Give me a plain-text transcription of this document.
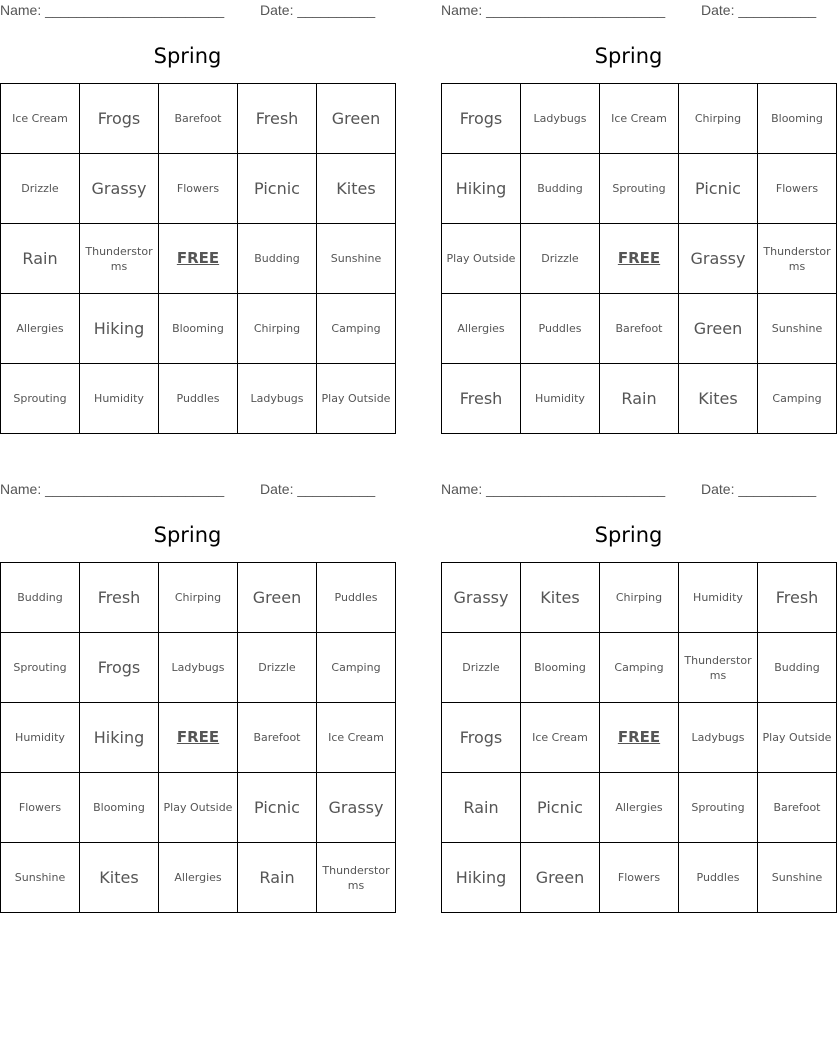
Name: _______________________	Date: __________
Spring
Ice Cream	Frogs	Barefoot	Fresh	Green
Drizzle	Grassy	Flowers	Picnic	Kites
Rain	Thunderstorms	FREE	Budding	Sunshine
Allergies	Hiking	Blooming	Chirping	Camping
Sprouting	Humidity	Puddles	Ladybugs	Play Outside
Name: _______________________	Date: __________
Spring
Frogs	Ladybugs	Ice Cream	Chirping	Blooming
Hiking	Budding	Sprouting	Picnic	Flowers
Play Outside	Drizzle	FREE	Grassy	Thunderstorms
Allergies	Puddles	Barefoot	Green	Sunshine
Fresh	Humidity	Rain	Kites	Camping
Name: _______________________	Date: __________
Spring
Budding	Fresh	Chirping	Green	Puddles
Sprouting	Frogs	Ladybugs	Drizzle	Camping
Humidity	Hiking	FREE	Barefoot	Ice Cream
Flowers	Blooming	Play Outside	Picnic	Grassy
Sunshine	Kites	Allergies	Rain	Thunderstorms
Name: _______________________	Date: __________
Spring
Grassy	Kites	Chirping	Humidity	Fresh
Drizzle	Blooming	Camping	Thunderstorms	Budding
Frogs	Ice Cream	FREE	Ladybugs	Play Outside
Rain	Picnic	Allergies	Sprouting	Barefoot
Hiking	Green	Flowers	Puddles	Sunshine
